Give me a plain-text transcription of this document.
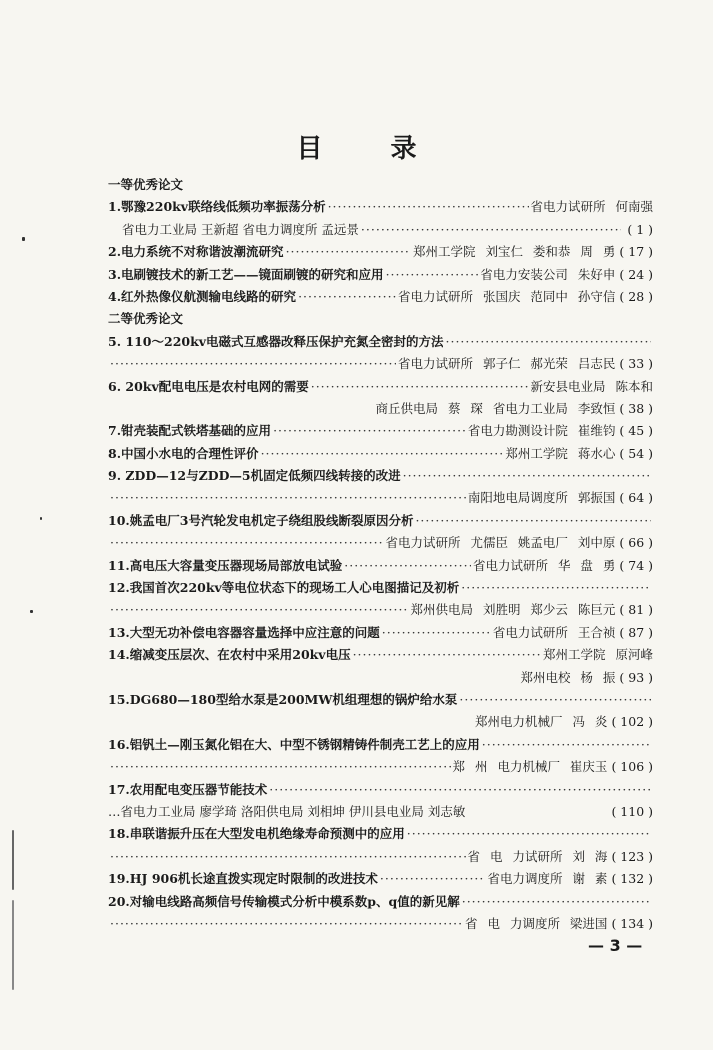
目	录
一等优秀论文
1.鄂豫220kv联络线低频功率振荡分析 ·····	省电力试研所 何南强
省电力工业局 王新超 省电力调度所 孟远景 ·····	( 1 )
2.电力系统不对称谐波潮流研究 ·····	郑州工学院 刘宝仁 娄和恭 周 勇 ( 17 )
3.电刷镀技术的新工艺——镜面刷镀的研究和应用 ·····	省电力安装公司 朱好申 ( 24 )
4.红外热像仪航测输电线路的研究 ·····	省电力试研所 张国庆 范同中 孙守信 ( 28 )
二等优秀论文
5. 110～220kv电磁式互感器改释压保护充氮全密封的方法
·····
·····
省电力试研所 郭子仁 郝光荣 吕志民 ( 33 )
6. 20kv配电电压是农村电网的需要 ·····	新安县电业局 陈本和
商丘供电局 蔡 琛 省电力工业局 李致恒 ( 38 )
7.钳壳装配式铁塔基础的应用 ·····	省电力勘测设计院 崔维钧 ( 45 )
8.中国小水电的合理性评价 ·····	郑州工学院 蒋水心 ( 54 )
9. ZDD—12与ZDD—5机固定低频四线转接的改进
·····
·····
南阳地电局调度所 郭振国 ( 64 )
10.姚孟电厂3号汽轮发电机定子绕组股线断裂原因分析
·····
·····
省电力试研所 尤儒臣 姚孟电厂 刘中原 ( 66 )
11.高电压大容量变压器现场局部放电试验 ·····	省电力试研所 华 盘 勇 ( 74 )
12.我国首次220kv等电位状态下的现场工人心电图描记及初析
·····
·····
郑州供电局 刘胜明 郑少云 陈巨元 ( 81 )
13.大型无功补偿电容器容量选择中应注意的问题 ·····	省电力试研所 王合祯 ( 87 )
14.缩减变压层次、在农村中采用20kv电压 ·····	郑州工学院 原河峰
郑州电校 杨 振 ( 93 )
15.DG680—180型给水泵是200MW机组理想的锅炉给水泵
·····
郑州电力机械厂 冯 炎 ( 102 )
16.铝钒土—刚玉氮化铝在大、中型不锈钢精铸件制壳工艺上的应用
·····
·····
郑 州 电力机械厂 崔庆玉 ( 106 )
17.农用配电变压器节能技术
·····
…省电力工业局 廖学琦 洛阳供电局 刘相坤 伊川县电业局 刘志敏	( 110 )
18.串联谐振升压在大型发电机绝缘寿命预测中的应用
·····
·····
省 电 力试研所 刘 海 ( 123 )
19.HJ 906机长途直拨实现定时限制的改进技术 ·····	省电力调度所 谢 素 ( 132 )
20.对输电线路高频信号传输模式分析中模系数p、q值的新见解
·····
·····
省 电 力调度所 梁进国 ( 134 )
— 3 —
